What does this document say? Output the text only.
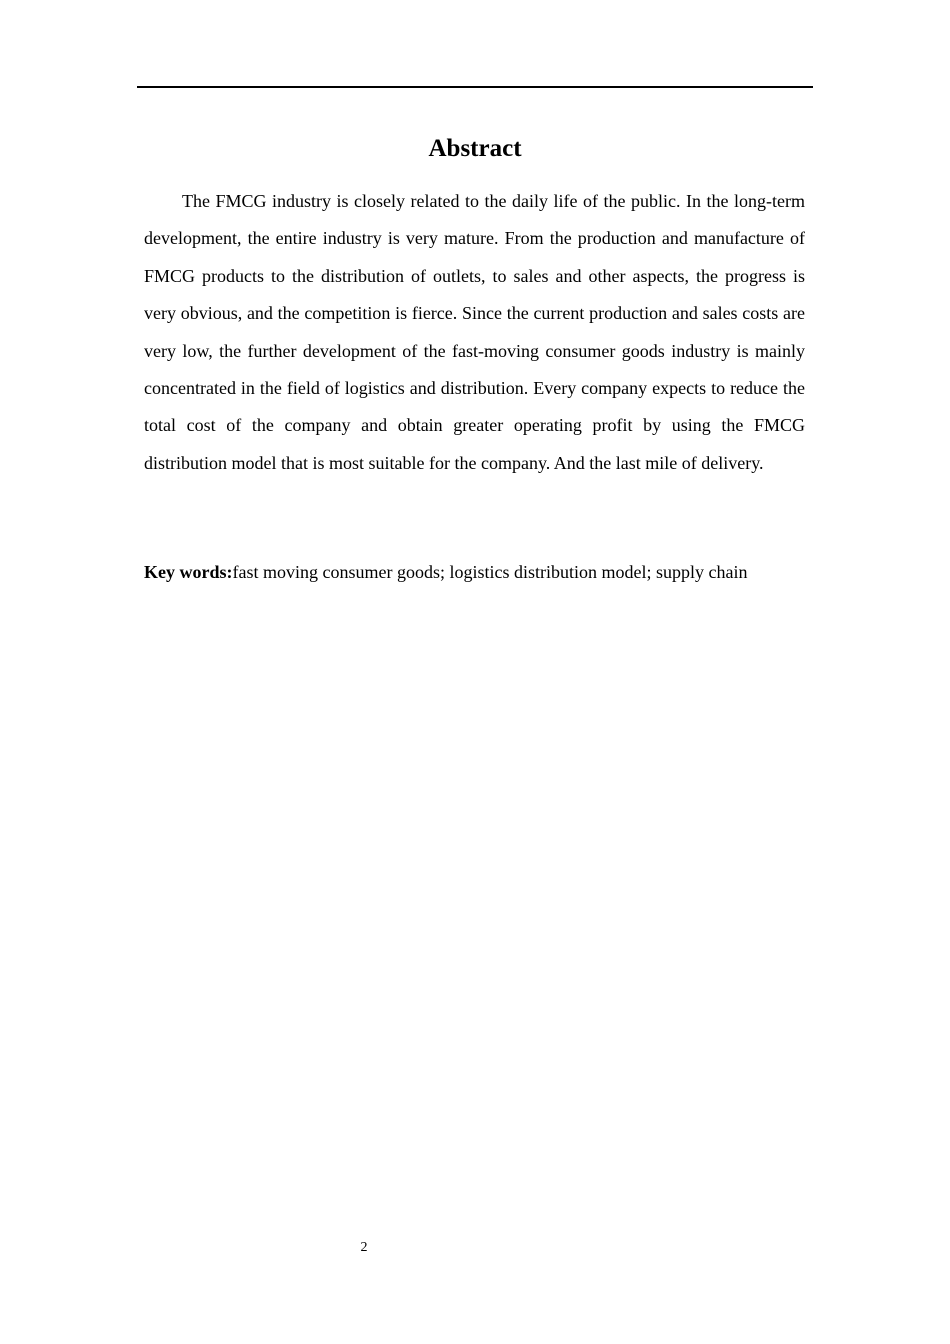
Abstract

The FMCG industry is closely related to the daily life of the public. In the long-term development, the entire industry is very mature. From the production and manufacture of FMCG products to the distribution of outlets, to sales and other aspects, the progress is very obvious, and the competition is fierce. Since the current production and sales costs are very low, the further development of the fast-moving consumer goods industry is mainly concentrated in the field of logistics and distribution. Every company expects to reduce the total cost of the company and obtain greater operating profit by using the FMCG distribution model that is most suitable for the company. And the last mile of delivery.

Key words:fast moving consumer goods; logistics distribution model; supply chain

2
